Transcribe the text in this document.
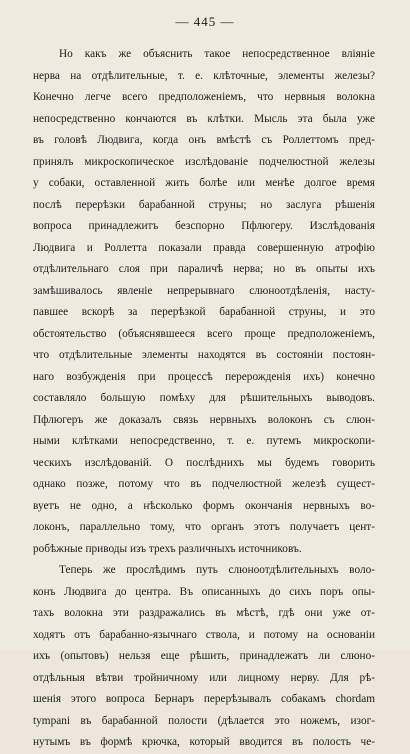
— 445 —
Но какъ же объяснить такое непосредственное вліяніе
нерва на отдѣлительные, т. е. клѣточные, элементы железы?
Конечно легче всего предположеніемъ, что нервныя волокна
непосредственно кончаются въ клѣтки. Мысль эта была уже
въ головѣ Людвига, когда онъ вмѣстѣ съ Роллеттомъ пред-
принялъ микроскопическое изслѣдованіе подчелюстной железы
у собаки, оставленной жить болѣе или менѣе долгое время
послѣ перерѣзки барабанной струны; но заслуга рѣшенія
вопроса принадлежитъ безспорно Пфлюгеру. Изслѣдованія
Людвига и Роллетта показали правда совершенную атрофію
отдѣлительнаго слоя при параличѣ нерва; но въ опыты ихъ
замѣшивалось явленіе непрерывнаго слюноотдѣленія, насту-
павшее вскорѣ за перерѣзкой барабанной струны, и это
обстоятельство (объяснявшееся всего проще предположеніемъ,
что отдѣлительные элементы находятся въ состояніи постоян-
наго возбужденія при процессѣ перерожденія ихъ) конечно
составляло большую помѣху для рѣшительныхъ выводовъ.
Пфлюгеръ же доказалъ связь нервныхъ волоконъ съ слюн-
ными клѣтками непосредственно, т. е. путемъ микроскопи-
ческихъ изслѣдованій. О послѣднихъ мы будемъ говорить
однако позже, потому что въ подчелюстной железѣ сущест-
вуетъ не одно, а нѣсколько формъ окончанія нервныхъ во-
локонъ, параллельно тому, что органъ этотъ получаетъ цент-
робѣжные приводы изъ трехъ различныхъ источниковъ.
Теперь же прослѣдимъ путь слюноотдѣлительныхъ воло-
конъ Людвига до центра. Въ описанныхъ до сихъ поръ опы-
тахъ волокна эти раздражались въ мѣстѣ, гдѣ они уже от-
ходятъ отъ барабанно-язычнаго ствола, и потому на основаніи
ихъ (опытовъ) нельзя еще рѣшить, принадлежатъ ли слюно-
отдѣльныя вѣтви тройничному или лицному нерву. Для рѣ-
шенія этого вопроса Бернаръ перерѣзывалъ собакамъ chordam
tympani въ барабанной полости (дѣлается это ножемъ, изог-
нутымъ въ формѣ крючка, который вводится въ полость че-
